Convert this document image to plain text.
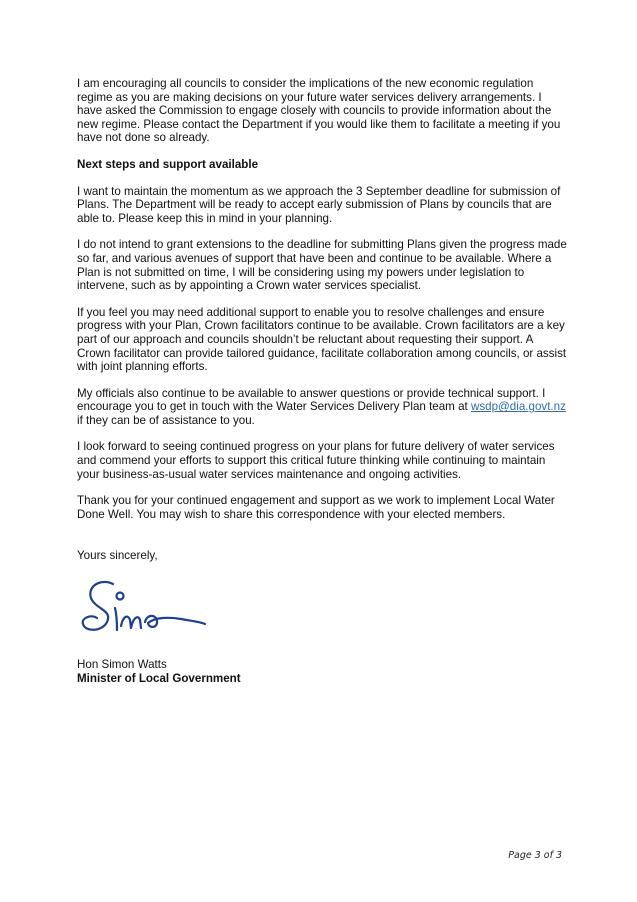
I am encouraging all councils to consider the implications of the new economic regulation regime as you are making decisions on your future water services delivery arrangements. I have asked the Commission to engage closely with councils to provide information about the new regime. Please contact the Department if you would like them to facilitate a meeting if you have not done so already.

Next steps and support available

I want to maintain the momentum as we approach the 3 September deadline for submission of Plans. The Department will be ready to accept early submission of Plans by councils that are able to. Please keep this in mind in your planning.

I do not intend to grant extensions to the deadline for submitting Plans given the progress made so far, and various avenues of support that have been and continue to be available. Where a Plan is not submitted on time, I will be considering using my powers under legislation to intervene, such as by appointing a Crown water services specialist.

If you feel you may need additional support to enable you to resolve challenges and ensure progress with your Plan, Crown facilitators continue to be available. Crown facilitators are a key part of our approach and councils shouldn’t be reluctant about requesting their support. A Crown facilitator can provide tailored guidance, facilitate collaboration among councils, or assist with joint planning efforts.

My officials also continue to be available to answer questions or provide technical support. I encourage you to get in touch with the Water Services Delivery Plan team at wsdp@dia.govt.nz if they can be of assistance to you.

I look forward to seeing continued progress on your plans for future delivery of water services and commend your efforts to support this critical future thinking while continuing to maintain your business-as-usual water services maintenance and ongoing activities.

Thank you for your continued engagement and support as we work to implement Local Water Done Well. You may wish to share this correspondence with your elected members.

Yours sincerely,

Hon Simon Watts

Minister of Local Government

Page 3 of 3
